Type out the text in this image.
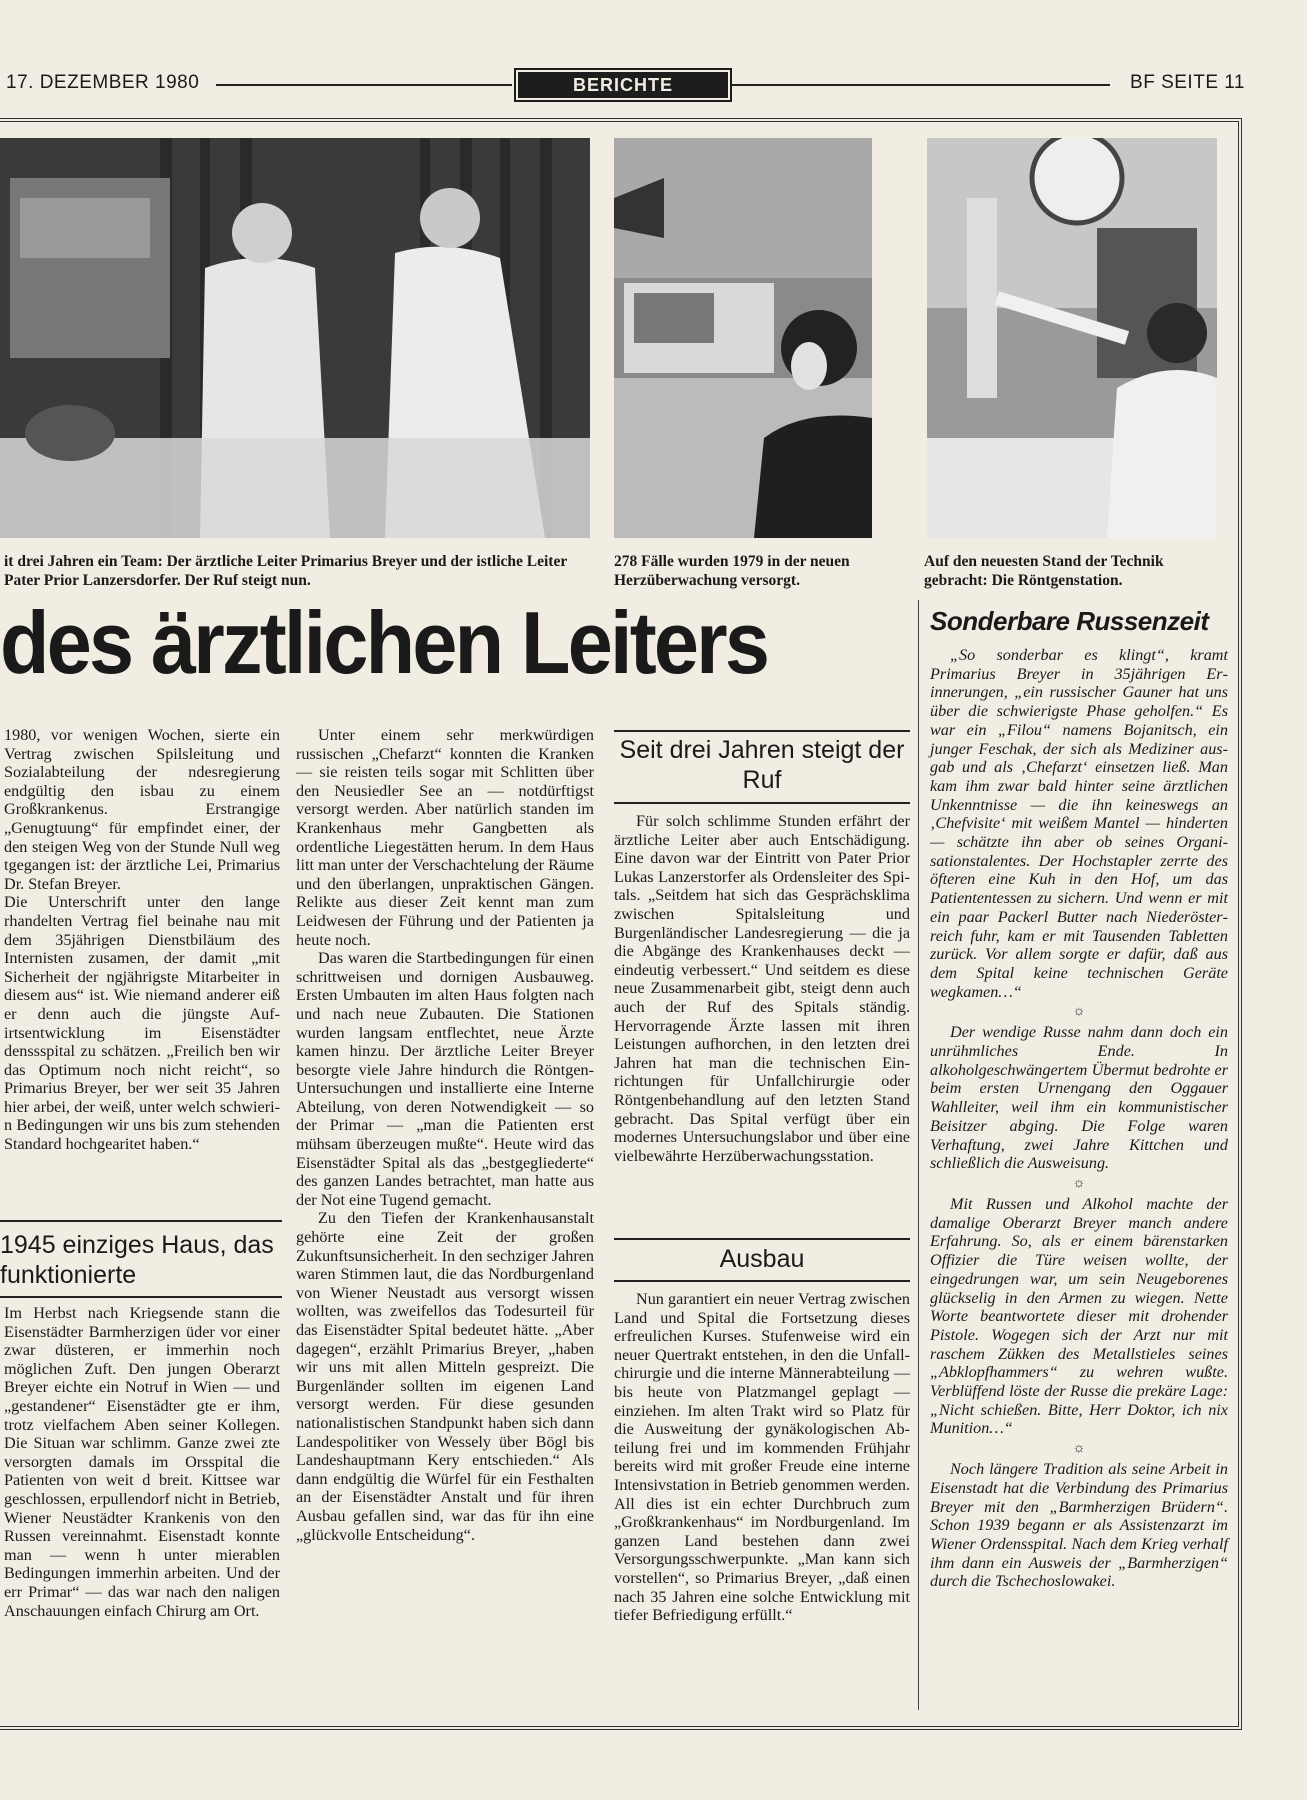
17. DEZEMBER 1980	BERICHTE	BF SEITE 11
it drei Jahren ein Team: Der ärztliche Leiter Primarius Breyer und der istliche Leiter Pater Prior Lanzersdorfer. Der Ruf steigt nun.
278 Fälle wurden 1979 in der neuen Herzüberwachung versorgt.
Auf den neuesten Stand der Technik gebracht: Die Röntgenstation.
des ärztlichen Leiters	Sonderbare Russenzeit

1980, vor wenigen Wochen, sierte ein Vertrag zwischen Spilsleitung und Sozialabteilung der ndesregierung endgültig den isbau zu einem Großkrankenus. Erstrangige „Genugtuung“ für empfindet einer, der den steigen Weg von der Stunde Null weg tgegangen ist: der ärztliche Lei, Primarius Dr. Stefan Breyer.

Die Unterschrift unter den lange rhandelten Vertrag fiel beinahe nau mit dem 35jährigen Dienstbiläum des Internisten zusamen, der damit „mit Sicherheit der ngjährigste Mitarbeiter in diesem aus“ ist. Wie niemand anderer eiß er denn auch die jüngste Aufirtsentwicklung im Eisenstädter denssspital zu schätzen. „Freilich ben wir das Optimum noch nicht reicht“, so Primarius Breyer, ber wer seit 35 Jahren hier arbei, der weiß, unter welch schwierin Bedingungen wir uns bis zum stehenden Standard hochgearitet haben.“

1945 einziges Haus, das funktionierte

Im Herbst nach Kriegsende stann die Eisenstädter Barmherzigen üder vor einer zwar düsteren, er immerhin noch möglichen Zuft. Den jungen Oberarzt Breyer eichte ein Notruf in Wien — und „gestandener“ Eisenstädter gte er ihm, trotz vielfachem Aben seiner Kollegen. Die Situan war schlimm. Ganze zwei zte versorgten damals im Orsspital die Patienten von weit d breit. Kittsee war geschlossen, erpullendorf nicht in Betrieb, Wiener Neustädter Krankenis von den Russen vereinnahmt. Eisenstadt konnte man — wenn h unter mierablen Bedingungen immerhin arbeiten. Und der err Primar“ — das war nach den naligen Anschauungen einfach Chirurg am Ort.

Unter einem sehr merkwürdigen russischen „Chefarzt“ konnten die Kranken — sie reisten teils sogar mit Schlitten über den Neusiedler See an — notdürftigst versorgt werden. Aber natürlich standen im Krankenhaus mehr Gangbetten als ordentliche Liegestätten herum. In dem Haus litt man unter der Verschachtelung der Räume und den überlangen, unpraktischen Gängen. Relikte aus dieser Zeit kennt man zum Leidwesen der Führung und der Patienten ja heute noch.

Das waren die Startbedingungen für einen schrittweisen und dornigen Ausbauweg. Ersten Umbauten im alten Haus folgten nach und nach neue Zubauten. Die Stationen wurden langsam entflechtet, neue Ärzte kamen hinzu. Der ärztliche Leiter Breyer besorgte viele Jahre hindurch die Röntgen-Untersuchungen und installierte eine Interne Abteilung, von deren Notwendigkeit — so der Primar — „man die Patienten erst mühsam überzeugen mußte“. Heute wird das Eisenstädter Spital als das „bestgegliederte“ des ganzen Landes betrachtet, man hatte aus der Not eine Tugend gemacht.

Zu den Tiefen der Krankenhausanstalt gehörte eine Zeit der großen Zukunftsunsicherheit. In den sechziger Jahren waren Stimmen laut, die das Nordburgenland von Wiener Neustadt aus versorgt wissen wollten, was zweifellos das Todesurteil für das Eisenstädter Spital bedeutet hätte. „Aber dagegen“, erzählt Primarius Breyer, „haben wir uns mit allen Mitteln gespreizt. Die Burgenländer sollten im eigenen Land versorgt werden. Für diese gesunden nationalistischen Standpunkt haben sich dann Landespolitiker von Wessely über Bögl bis Landeshauptmann Kery entschieden.“ Als dann endgültig die Würfel für ein Festhalten an der Eisenstädter Anstalt und für ihren Ausbau gefallen sind, war das für ihn eine „glückvolle Entscheidung“.

Seit drei Jahren steigt der Ruf

Für solch schlimme Stunden erfährt der ärztliche Leiter aber auch Entschädigung. Eine davon war der Eintritt von Pater Prior Lukas Lanzerstorfer als Ordensleiter des Spitals. „Seitdem hat sich das Gesprächsklima zwischen Spitalsleitung und Burgenländischer Landesregierung — die ja die Abgänge des Krankenhauses deckt — eindeutig verbessert.“ Und seitdem es diese neue Zusammenarbeit gibt, steigt denn auch auch der Ruf des Spitals ständig. Hervorragende Ärzte lassen mit ihren Leistungen aufhorchen, in den letzten drei Jahren hat man die technischen Einrichtungen für Unfallchirurgie oder Röntgenbehandlung auf den letzten Stand gebracht. Das Spital verfügt über ein modernes Untersuchungslabor und über eine vielbewährte Herzüberwachungsstation.

Ausbau

Nun garantiert ein neuer Vertrag zwischen Land und Spital die Fortsetzung dieses erfreulichen Kurses. Stufenweise wird ein neuer Quertrakt entstehen, in den die Unfallchirurgie und die interne Männerabteilung — bis heute von Platzmangel geplagt — einziehen. Im alten Trakt wird so Platz für die Ausweitung der gynäkologischen Abteilung frei und im kommenden Frühjahr bereits wird mit großer Freude eine interne Intensivstation in Betrieb genommen werden. All dies ist ein echter Durchbruch zum „Großkrankenhaus“ im Nordburgenland. Im ganzen Land bestehen dann zwei Versorgungsschwerpunkte. „Man kann sich vorstellen“, so Primarius Breyer, „daß einen nach 35 Jahren eine solche Entwicklung mit tiefer Befriedigung erfüllt.“

„So sonderbar es klingt“, kramt Primarius Breyer in 35jährigen Erinnerungen, „ein russischer Gauner hat uns über die schwierigste Phase geholfen.“ Es war ein „Filou“ namens Bojanitsch, ein junger Feschak, der sich als Mediziner ausgab und als ‚Chefarzt‘ einsetzen ließ. Man kam ihm zwar bald hinter seine ärztlichen Unkenntnisse — die ihn keineswegs an ‚Chefvisite‘ mit weißem Mantel — hinderten — schätzte ihn aber ob seines Organisationstalentes. Der Hochstapler zerrte des öfteren eine Kuh in den Hof, um das Patiententessen zu sichern. Und wenn er mit ein paar Packerl Butter nach Niederösterreich fuhr, kam er mit Tausenden Tabletten zurück. Vor allem sorgte er dafür, daß aus dem Spital keine technischen Geräte wegkamen…“

☼

Der wendige Russe nahm dann doch ein unrühmliches Ende. In alkoholgeschwängertem Übermut bedrohte er beim ersten Urnengang den Oggauer Wahlleiter, weil ihm ein kommunistischer Beisitzer abging. Die Folge waren Verhaftung, zwei Jahre Kittchen und schließlich die Ausweisung.

☼

Mit Russen und Alkohol machte der damalige Oberarzt Breyer manch andere Erfahrung. So, als er einem bärenstarken Offizier die Türe weisen wollte, der eingedrungen war, um sein Neugeborenes glückselig in den Armen zu wiegen. Nette Worte beantwortete dieser mit drohender Pistole. Wogegen sich der Arzt nur mit raschem Zükken des Metallstieles seines „Abklopfhammers“ zu wehren wußte. Verblüffend löste der Russe die prekäre Lage: „Nicht schießen. Bitte, Herr Doktor, ich nix Munition…“

☼

Noch längere Tradition als seine Arbeit in Eisenstadt hat die Verbindung des Primarius Breyer mit den „Barmherzigen Brüdern“. Schon 1939 begann er als Assistenzarzt im Wiener Ordensspital. Nach dem Krieg verhalf ihm dann ein Ausweis der „Barmherzigen“ durch die Tschechoslowakei.
